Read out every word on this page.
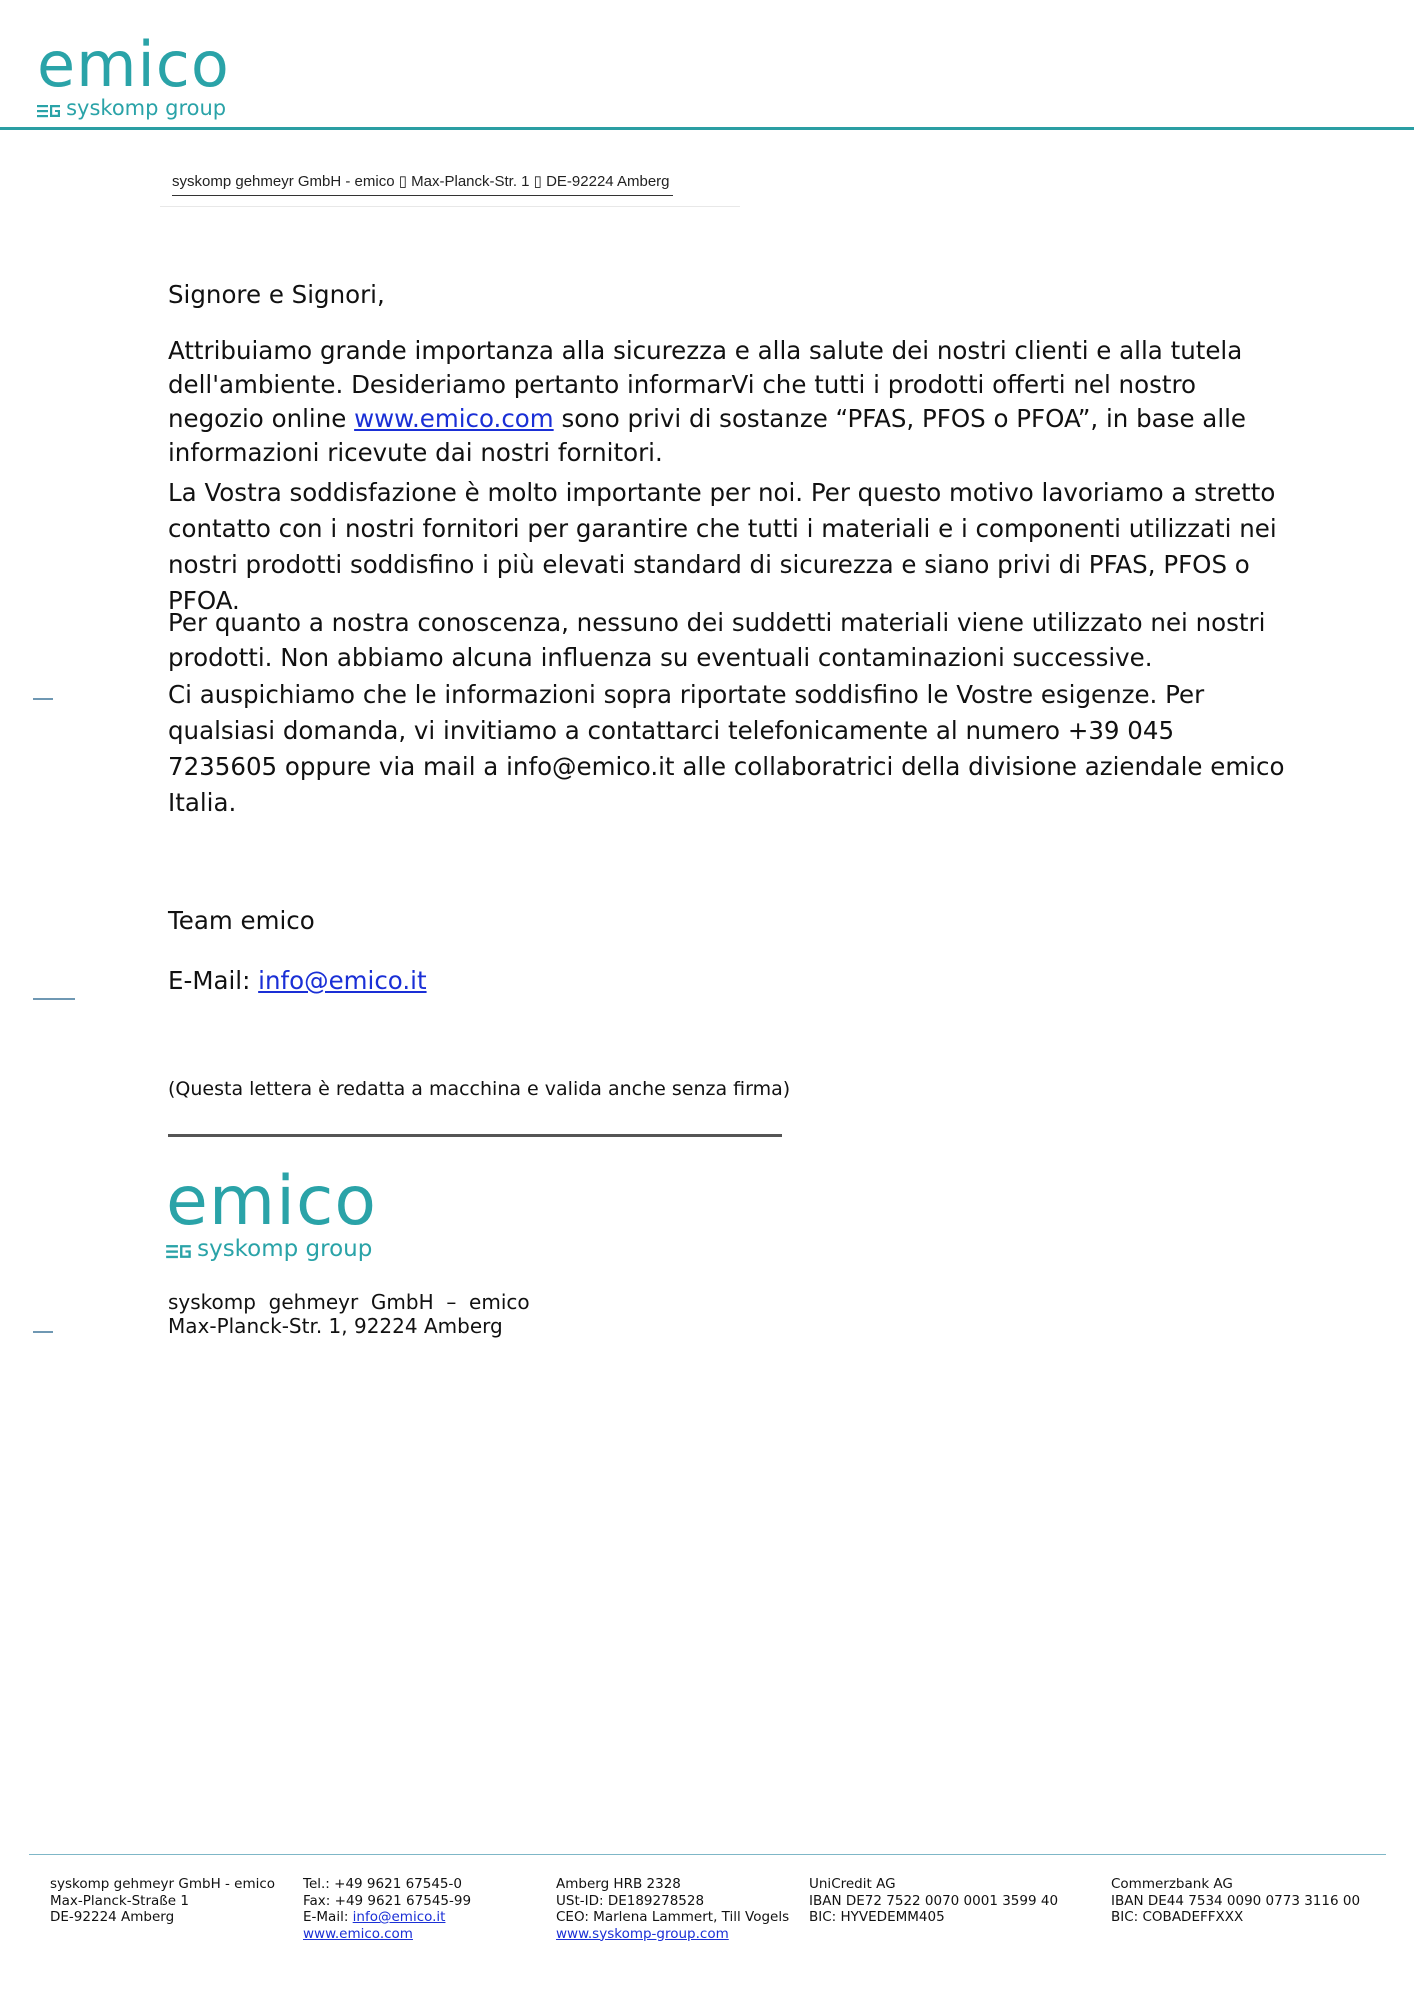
emico
syskomp group
syskomp gehmeyr GmbH - emico ▯ Max-Planck-Str. 1 ▯ DE-92224 Amberg

Signore e Signori,

Attribuiamo grande importanza alla sicurezza e alla salute dei nostri clienti e alla tutela dell'ambiente. Desideriamo pertanto informarVi che tutti i prodotti offerti nel nostro negozio online www.emico.com sono privi di sostanze “PFAS, PFOS o PFOA”, in base alle informazioni ricevute dai nostri fornitori.

La Vostra soddisfazione è molto importante per noi. Per questo motivo lavoriamo a stretto contatto con i nostri fornitori per garantire che tutti i materiali e i componenti utilizzati nei nostri prodotti soddisfino i più elevati standard di sicurezza e siano privi di PFAS, PFOS o PFOA.

Per quanto a nostra conoscenza, nessuno dei suddetti materiali viene utilizzato nei nostri prodotti. Non abbiamo alcuna influenza su eventuali contaminazioni successive.

Ci auspichiamo che le informazioni sopra riportate soddisfino le Vostre esigenze. Per qualsiasi domanda, vi invitiamo a contattarci telefonicamente al numero +39 045 7235605 oppure via mail a info@emico.it alle collaboratrici della divisione aziendale emico Italia.

Team emico
E-Mail: info@emico.it
(Questa lettera è redatta a macchina e valida anche senza firma)
emico
syskomp group
syskomp  gehmeyr  GmbH  –  emico
Max-Planck-Str. 1, 92224 Amberg
syskomp gehmeyr GmbH - emico
Max-Planck-Straße 1
DE-92224 Amberg
Tel.: +49 9621 67545-0
Fax: +49 9621 67545-99
E-Mail: info@emico.it
www.emico.com
Amberg HRB 2328
USt-ID: DE189278528
CEO: Marlena Lammert, Till Vogels
www.syskomp-group.com
UniCredit AG
IBAN DE72 7522 0070 0001 3599 40
BIC: HYVEDEMM405
Commerzbank AG
IBAN DE44 7534 0090 0773 3116 00
BIC: COBADEFFXXX
